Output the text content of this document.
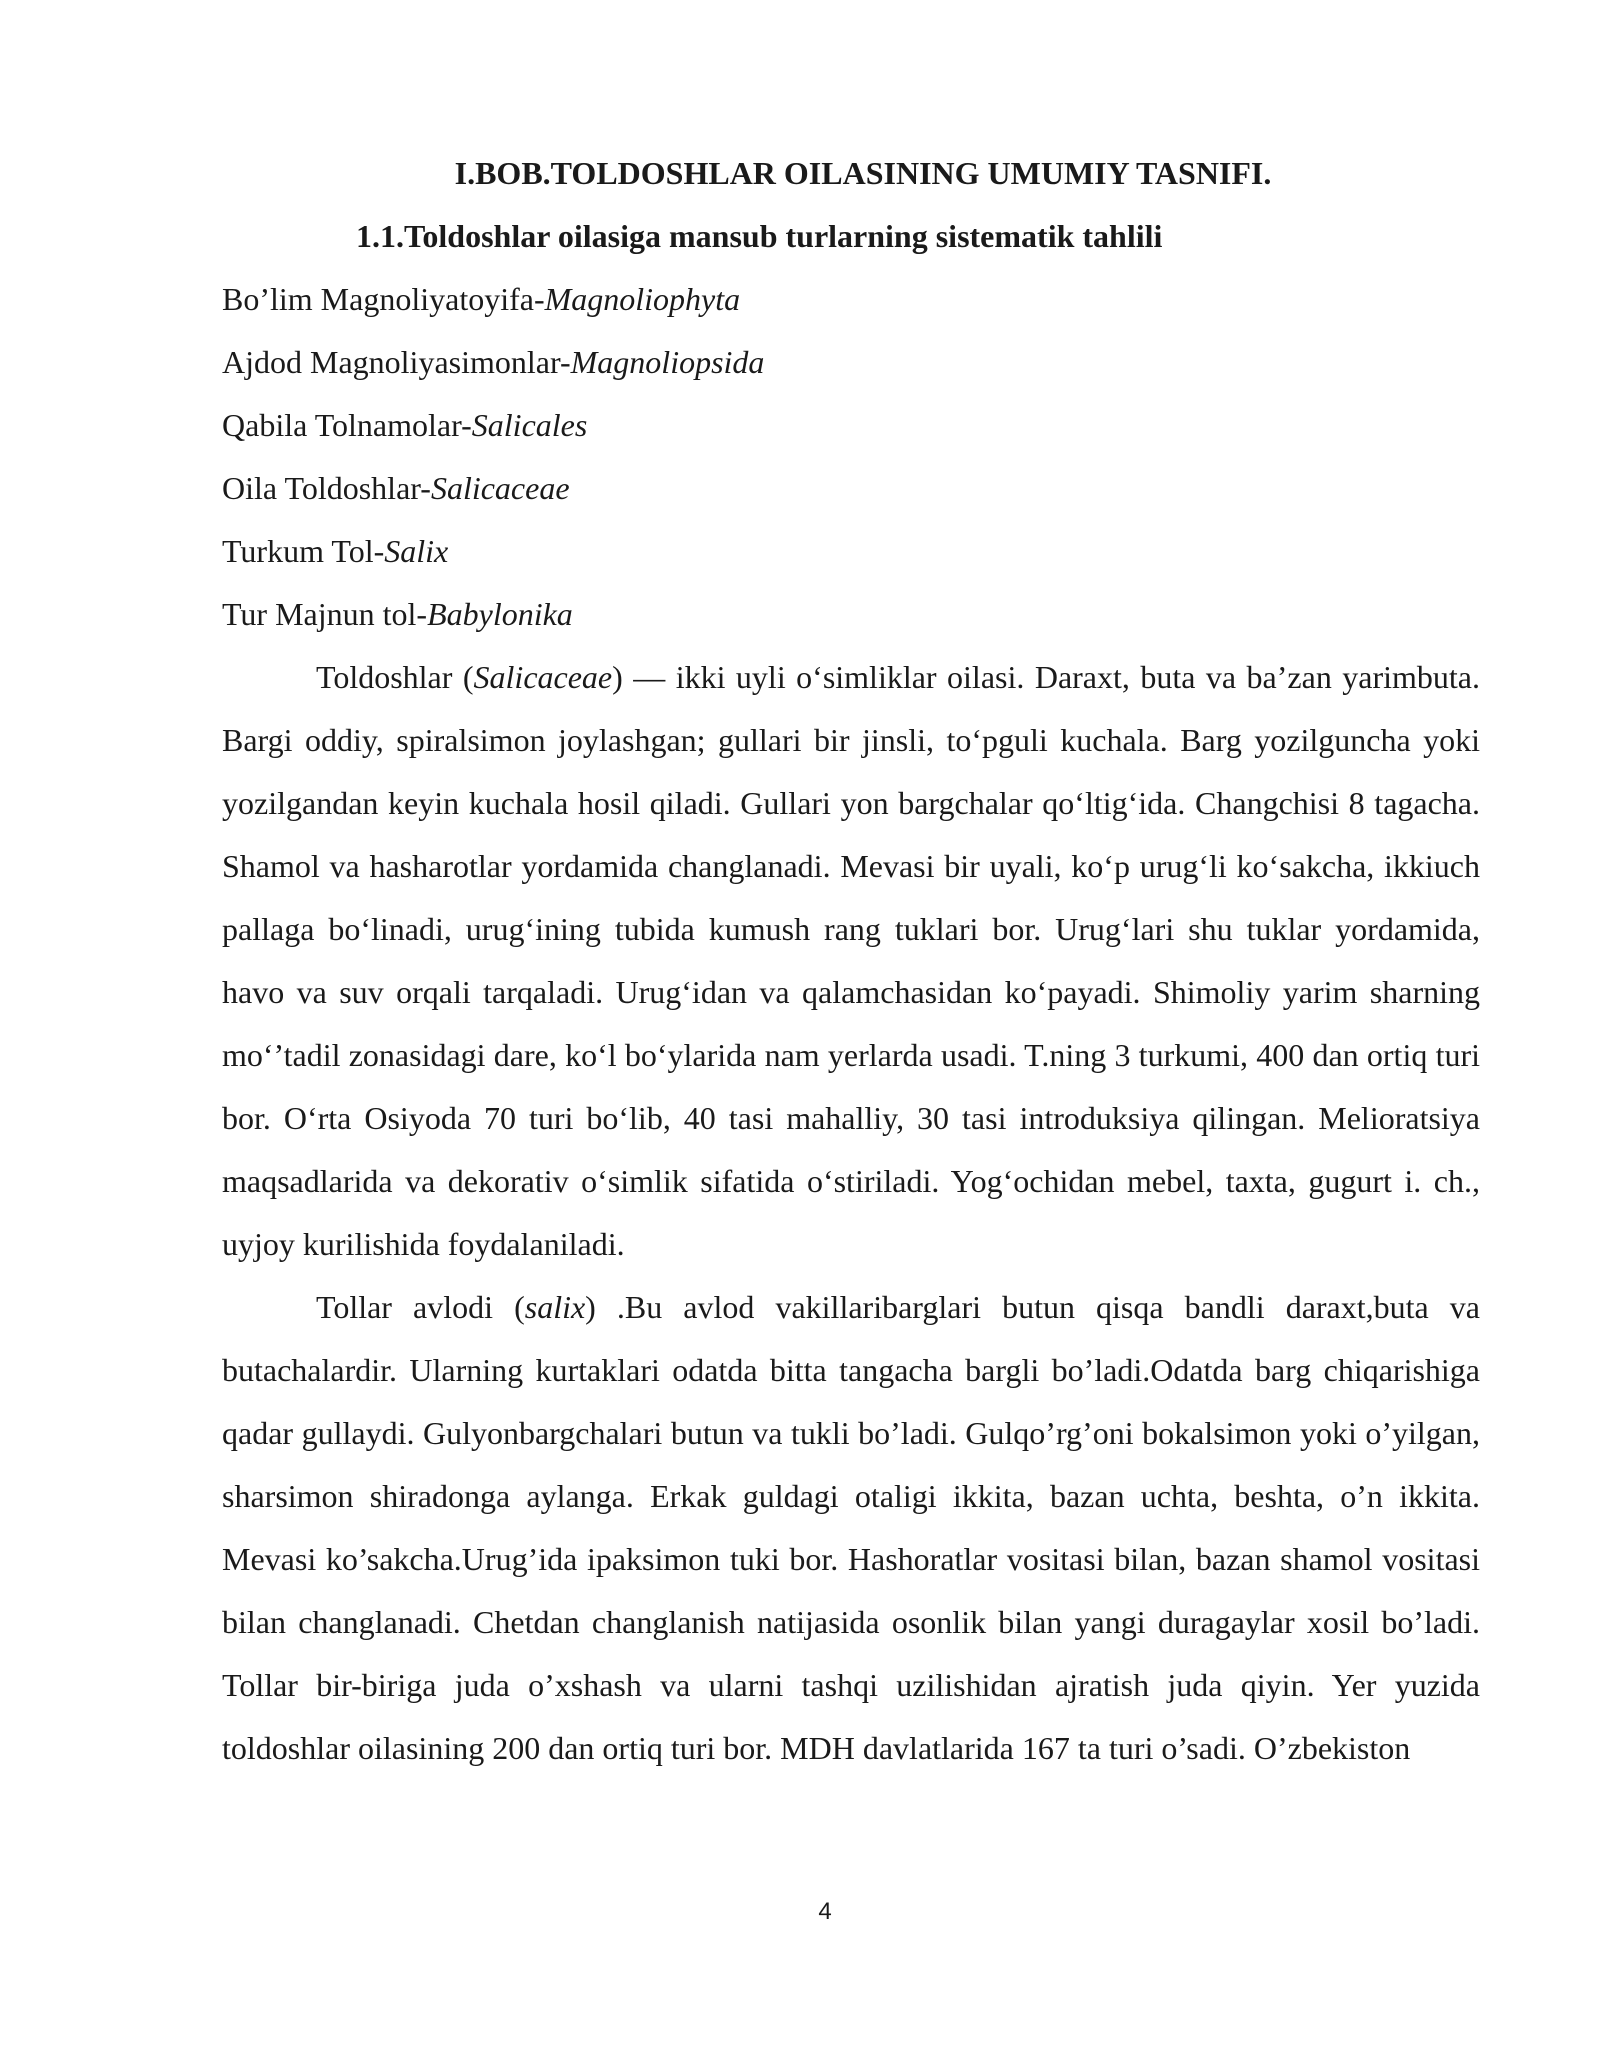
I.BOB.TOLDOSHLAR OILASINING UMUMIY TASNIFI.

1.1.Toldoshlar oilasiga mansub turlarning sistematik tahlili

Bo’lim Magnoliyatoyifa-Magnoliophyta

Ajdod Magnoliyasimonlar-Magnoliopsida

Qabila Tolnamolar-Salicales

Oila Toldoshlar-Salicaceae

Turkum Tol-Salix

Tur Majnun tol-Babylonika

Toldoshlar (Salicaceae) — ikki uyli o‘simliklar oilasi. Daraxt, buta va ba’zan yarimbuta. Bargi oddiy, spiralsimon joylashgan; gullari bir jinsli, to‘pguli kuchala. Barg yozilguncha yoki yozilgandan keyin kuchala hosil qiladi. Gullari yon bargchalar qo‘ltig‘ida. Changchisi 8 tagacha. Shamol va hasharotlar yordamida changlanadi. Mevasi bir uyali, ko‘p urug‘li ko‘sakcha, ikkiuch pallaga bo‘linadi, urug‘ining tubida kumush rang tuklari bor. Urug‘lari shu tuklar yordamida, havo va suv orqali tarqaladi. Urug‘idan va qalamchasidan ko‘payadi. Shimoliy yarim sharning mo‘’tadil zonasidagi dare, ko‘l bo‘ylarida nam yerlarda usadi. T.ning 3 turkumi, 400 dan ortiq turi bor. O‘rta Osiyoda 70 turi bo‘lib, 40 tasi mahalliy, 30 tasi introduksiya qilingan. Melioratsiya maqsadlarida va dekorativ o‘simlik sifatida o‘stiriladi. Yog‘ochidan mebel, taxta, gugurt i. ch., uyjoy kurilishida foydalaniladi.

Tollar avlodi (salix) .Bu avlod vakillaribarglari butun qisqa bandli daraxt,buta va butachalardir. Ularning kurtaklari odatda bitta tangacha bargli bo’ladi.Odatda barg chiqarishiga qadar gullaydi. Gulyonbargchalari butun va tukli bo’ladi. Gulqo’rg’oni bokalsimon yoki o’yilgan, sharsimon shiradonga aylanga. Erkak guldagi otaligi ikkita, bazan uchta, beshta, o’n ikkita. Mevasi ko’sakcha.Urug’ida ipaksimon tuki bor. Hashoratlar vositasi bilan, bazan shamol vositasi bilan changlanadi. Chetdan changlanish natijasida osonlik bilan yangi duragaylar xosil bo’ladi. Tollar bir-biriga juda o’xshash va ularni tashqi uzilishidan ajratish juda qiyin. Yer yuzida toldoshlar oilasining 200 dan ortiq turi bor. MDH davlatlarida 167 ta turi o’sadi. O’zbekiston

4
